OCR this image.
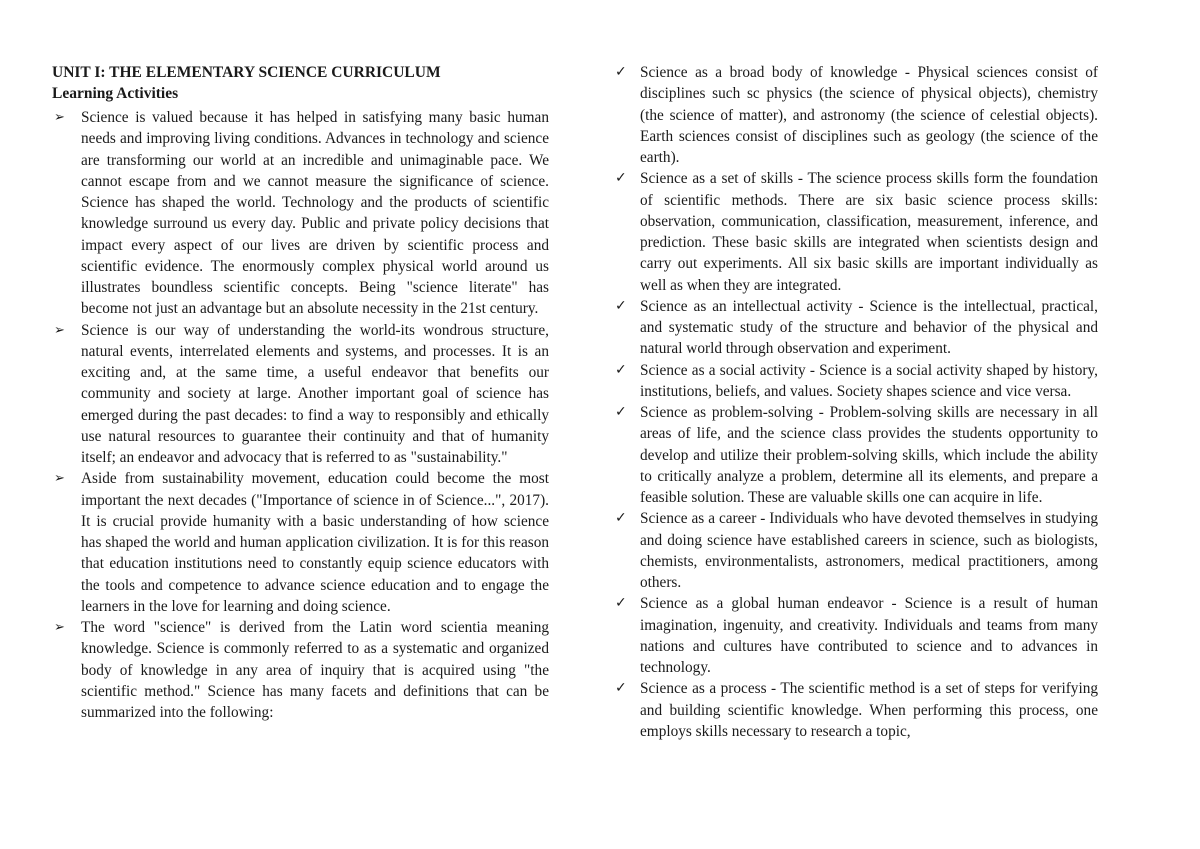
UNIT I: THE ELEMENTARY SCIENCE CURRICULUM

Learning Activities

➢ Science is valued because it has helped in satisfying many basic human needs and improving living conditions. Advances in technology and science are transforming our world at an incredible and unimaginable pace. We cannot escape from and we cannot measure the significance of science. Science has shaped the world. Technology and the products of scientific knowledge surround us every day. Public and private policy decisions that impact every aspect of our lives are driven by scientific process and scientific evidence. The enormously complex physical world around us illustrates boundless scientific concepts. Being "science literate" has become not just an advantage but an absolute necessity in the 21st century.
➢ Science is our way of understanding the world-its wondrous structure, natural events, interrelated elements and systems, and processes. It is an exciting and, at the same time, a useful endeavor that benefits our community and society at large. Another important goal of science has emerged during the past decades: to find a way to responsibly and ethically use natural resources to guarantee their continuity and that of humanity itself; an endeavor and advocacy that is referred to as "sustainability."
➢ Aside from sustainability movement, education could become the most important the next decades ("Importance of science in of Science...", 2017). It is crucial provide humanity with a basic understanding of how science has shaped the world and human application civilization. It is for this reason that education institutions need to constantly equip science educators with the tools and competence to advance science education and to engage the learners in the love for learning and doing science.
➢ The word "science" is derived from the Latin word scientia meaning knowledge. Science is commonly referred to as a systematic and organized body of knowledge in any area of inquiry that is acquired using "the scientific method." Science has many facets and definitions that can be summarized into the following:
✓ Science as a broad body of knowledge - Physical sciences consist of disciplines such sc physics (the science of physical objects), chemistry (the science of matter), and astronomy (the science of celestial objects). Earth sciences consist of disciplines such as geology (the science of the earth).
✓ Science as a set of skills - The science process skills form the foundation of scientific methods. There are six basic science process skills: observation, communication, classification, measurement, inference, and prediction. These basic skills are integrated when scientists design and carry out experiments. All six basic skills are important individually as well as when they are integrated.
✓ Science as an intellectual activity - Science is the intellectual, practical, and systematic study of the structure and behavior of the physical and natural world through observation and experiment.
✓ Science as a social activity - Science is a social activity shaped by history, institutions, beliefs, and values. Society shapes science and vice versa.
✓ Science as problem-solving - Problem-solving skills are necessary in all areas of life, and the science class provides the students opportunity to develop and utilize their problem-solving skills, which include the ability to critically analyze a problem, determine all its elements, and prepare a feasible solution. These are valuable skills one can acquire in life.
✓ Science as a career - Individuals who have devoted themselves in studying and doing science have established careers in science, such as biologists, chemists, environmentalists, astronomers, medical practitioners, among others.
✓ Science as a global human endeavor - Science is a result of human imagination, ingenuity, and creativity. Individuals and teams from many nations and cultures have contributed to science and to advances in technology.
✓ Science as a process - The scientific method is a set of steps for verifying and building scientific knowledge. When performing this process, one employs skills necessary to research a topic,
